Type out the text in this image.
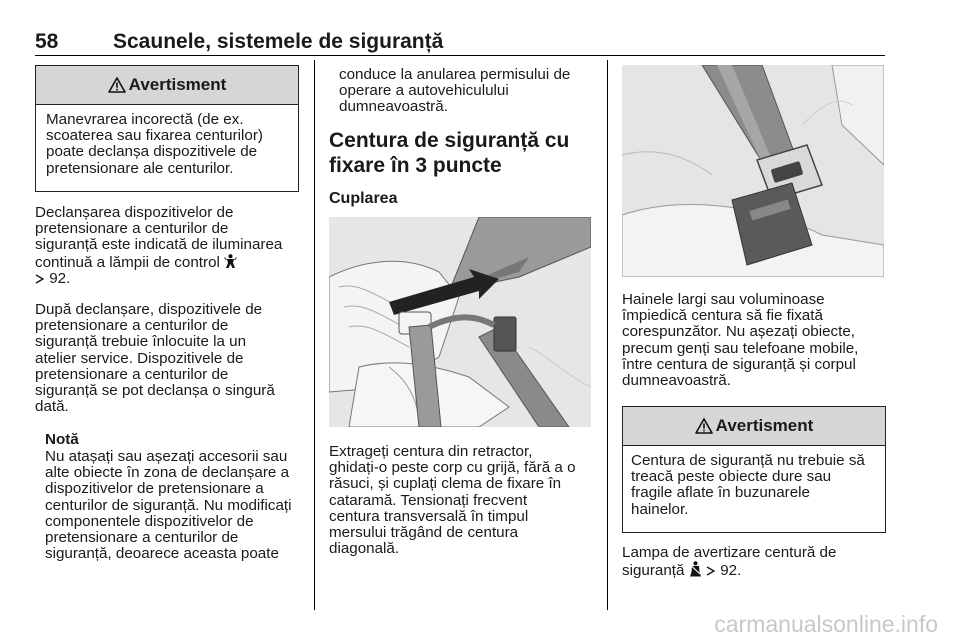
58	Scaunele, sistemele de siguranță
Avertisment

Manevrarea incorectă (de ex.
scoaterea sau fixarea centurilor)
poate declanșa dispozitivele de
pretensionare ale centurilor.

Declanșarea dispozitivelor de
pretensionare a centurilor de
siguranță este indicată de iluminarea
continuă a lămpii de control
92.

După declanșare, dispozitivele de
pretensionare a centurilor de
siguranță trebuie înlocuite la un
atelier service. Dispozitivele de
pretensionare a centurilor de
siguranță se pot declanșa o singură
dată.

Notă

Nu atașați sau așezați accesorii sau
alte obiecte în zona de declanșare a
dispozitivelor de pretensionare a
centurilor de siguranță. Nu modificați
componentele dispozitivelor de
pretensionare a centurilor de
siguranță, deoarece aceasta poate

conduce la anularea permisului de
operare a autovehiculului
dumneavoastră.

Centura de siguranță cu
fixare în 3 puncte

Cuplarea

Extrageți centura din retractor,
ghidați-o peste corp cu grijă, fără a o
răsuci, și cuplați clema de fixare în
cataramă. Tensionați frecvent
centura transversală în timpul
mersului trăgând de centura
diagonală.

Hainele largi sau voluminoase
împiedică centura să fie fixată
corespunzător. Nu așezați obiecte,
precum genți sau telefoane mobile,
între centura de siguranță și corpul
dumneavoastră.

Avertisment

Centura de siguranță nu trebuie să
treacă peste obiecte dure sau
fragile aflate în buzunarele
hainelor.

Lampa de avertizare centură de
siguranță 92.

carmanualsonline.info
